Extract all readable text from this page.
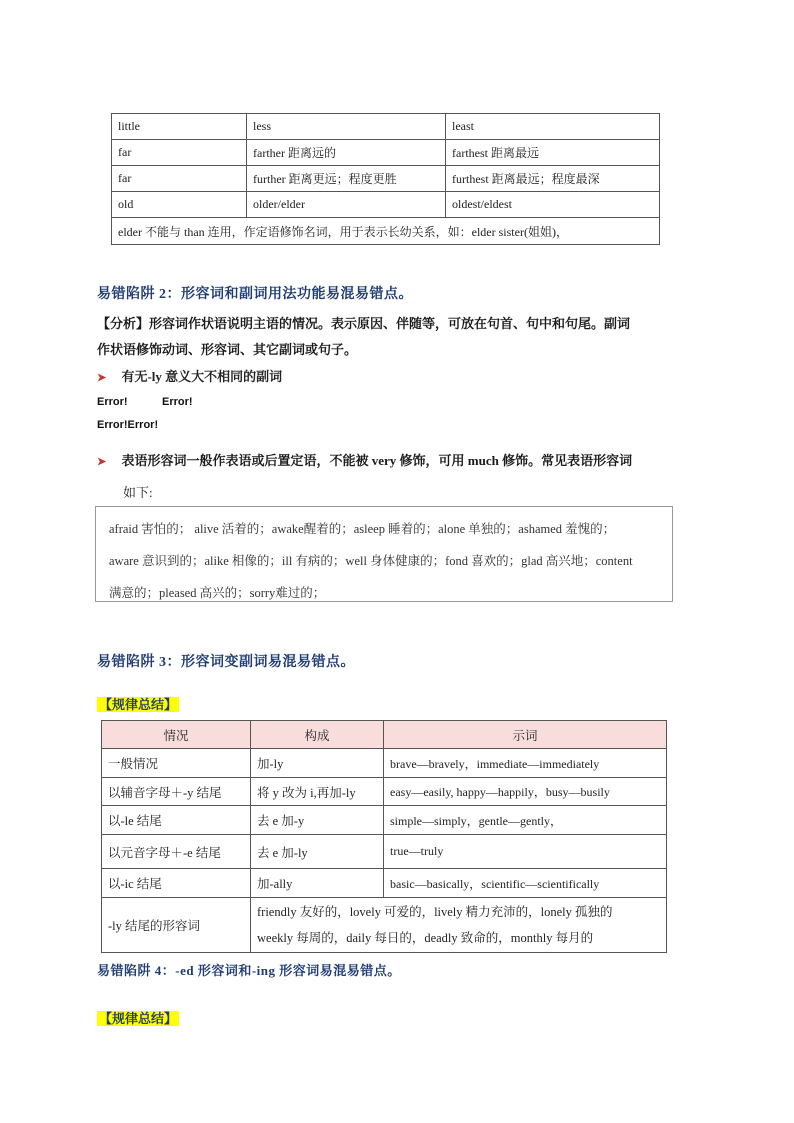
little	less	least
far	farther 距离远的	farthest 距离最远
far	further 距离更远；程度更胜	furthest 距离最远；程度最深
old	older/elder	oldest/eldest
elder 不能与 than 连用，作定语修饰名词，用于表示长幼关系，如：elder sister(姐姐)，		
易错陷阱 2：形容词和副词用法功能易混易错点。
【分析】形容词作状语说明主语的情况。表示原因、伴随等，可放在句首、句中和句尾。副词
作状语修饰动词、形容词、其它副词或句子。
➤ 有无-ly 意义大不相同的副词
Error!	Error!
Error!Error!
➤ 表语形容词一般作表语或后置定语，不能被 very 修饰，可用 much 修饰。常见表语形容词
如下:
afraid 害怕的； alive 活着的；awake醒着的；asleep 睡着的；alone 单独的；ashamed 羞愧的；
aware 意识到的；alike 相像的；ill 有病的；well 身体健康的；fond 喜欢的；glad 高兴地；content
满意的；pleased 高兴的；sorry难过的；
易错陷阱 3：形容词变副词易混易错点。
【规律总结】
情况	构成	示词
一般情况	加-ly	brave—bravely，immediate—immediately
以辅音字母＋-y 结尾	将 y 改为 i,再加-ly	easy—easily, happy—happily，busy—busily
以-le 结尾	去 e 加-y	simple—simply，gentle—gently，
以元音字母＋-e 结尾	去 e 加-ly	true—truly
以-ic 结尾	加-ally	basic—basically，scientific—scientifically
-ly 结尾的形容词	friendly 友好的，lovely 可爱的，lively 精力充沛的，lonely 孤独的
weekly 每周的，daily 每日的，deadly 致命的，monthly 每月的	
易错陷阱 4：-ed 形容词和-ing 形容词易混易错点。
【规律总结】
